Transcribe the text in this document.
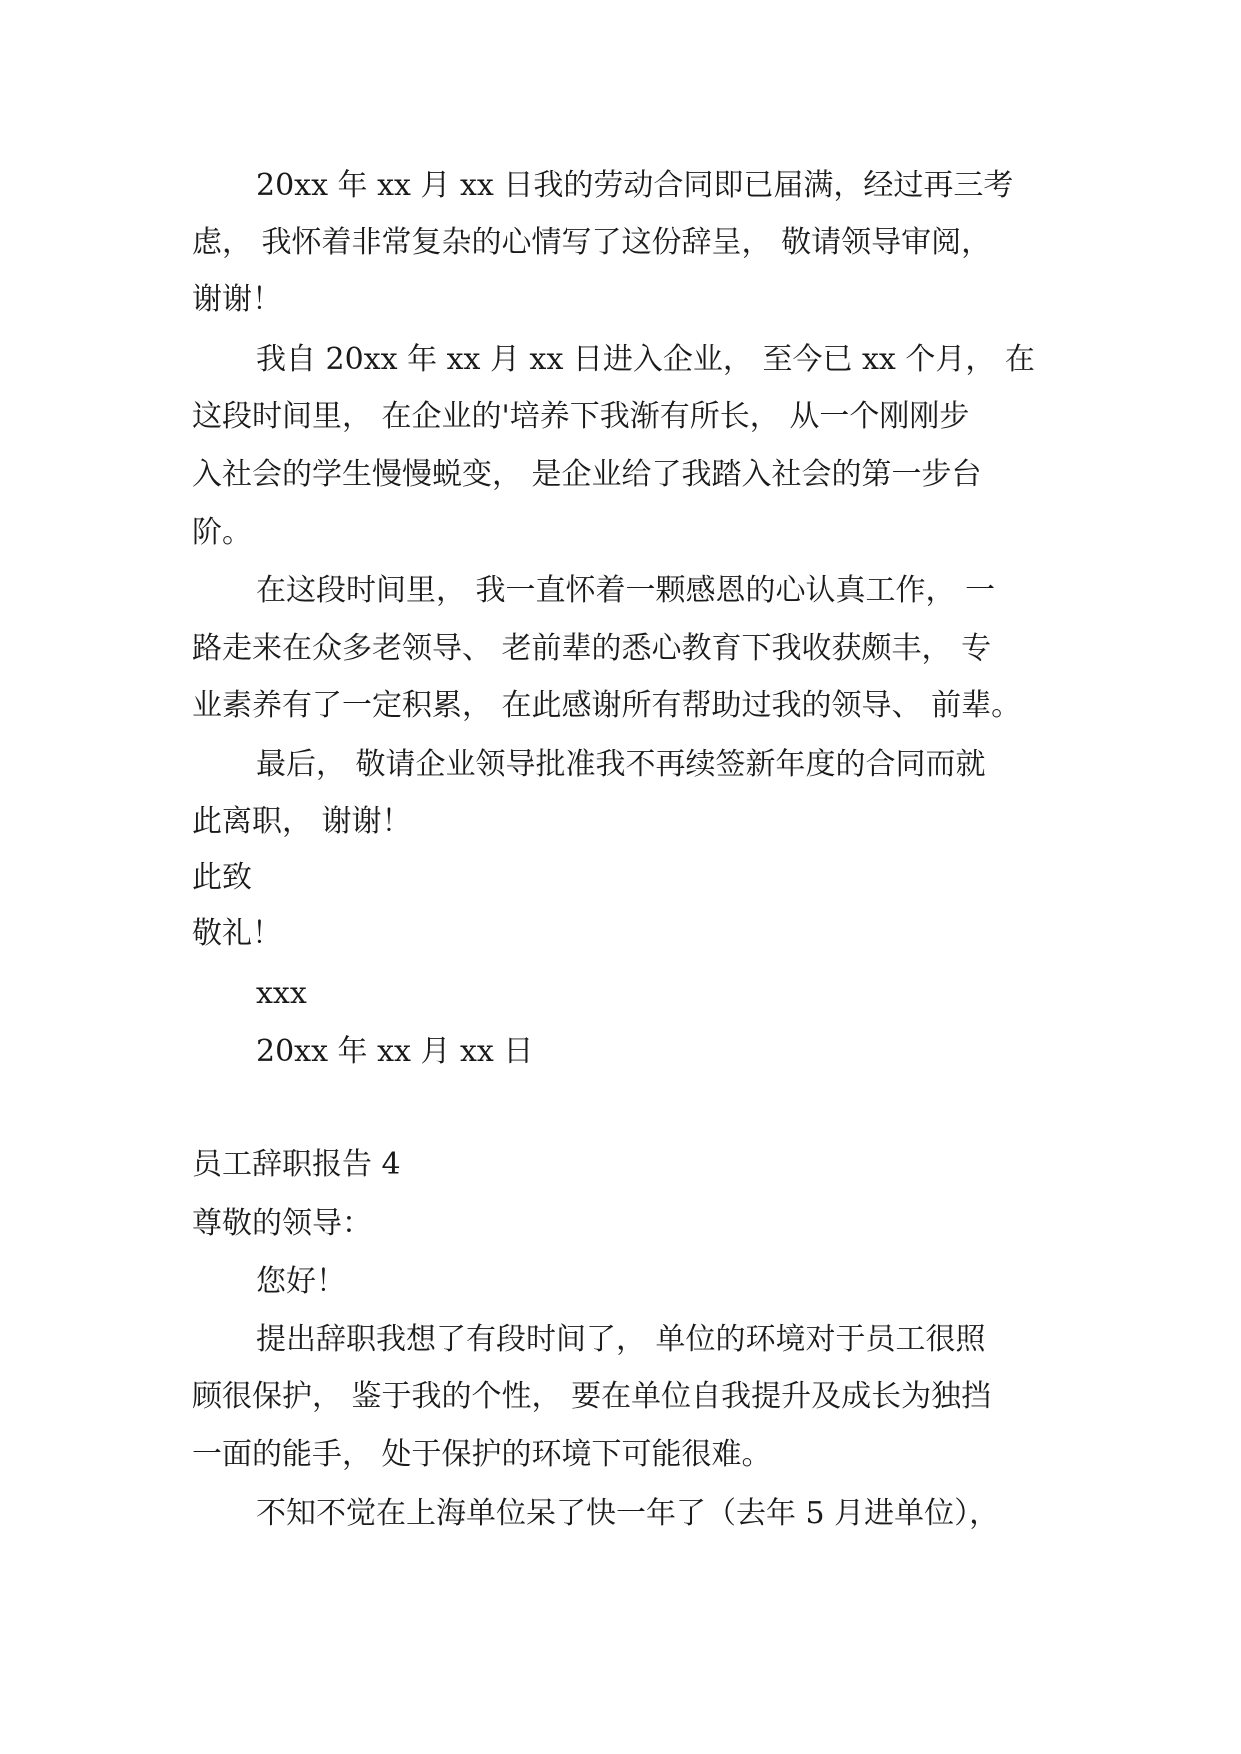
20xx 年 xx 月 xx 日我的劳动合同即已届满，经过再三考

虑， 我怀着非常复杂的心情写了这份辞呈， 敬请领导审阅，

谢谢！

我自 20xx 年 xx 月 xx 日进入企业， 至今已 xx 个月， 在

这段时间里， 在企业的'培养下我渐有所长， 从一个刚刚步

入社会的学生慢慢蜕变， 是企业给了我踏入社会的第一步台

阶。

在这段时间里， 我一直怀着一颗感恩的心认真工作， 一

路走来在众多老领导、 老前辈的悉心教育下我收获颇丰， 专

业素养有了一定积累， 在此感谢所有帮助过我的领导、 前辈。

最后， 敬请企业领导批准我不再续签新年度的合同而就

此离职， 谢谢！

此致

敬礼！

xxx

20xx 年 xx 月 xx 日

员工辞职报告 4

尊敬的领导：

您好！

提出辞职我想了有段时间了， 单位的环境对于员工很照

顾很保护， 鉴于我的个性， 要在单位自我提升及成长为独挡

一面的能手， 处于保护的环境下可能很难。

不知不觉在上海单位呆了快一年了（去年 5 月进单位），
